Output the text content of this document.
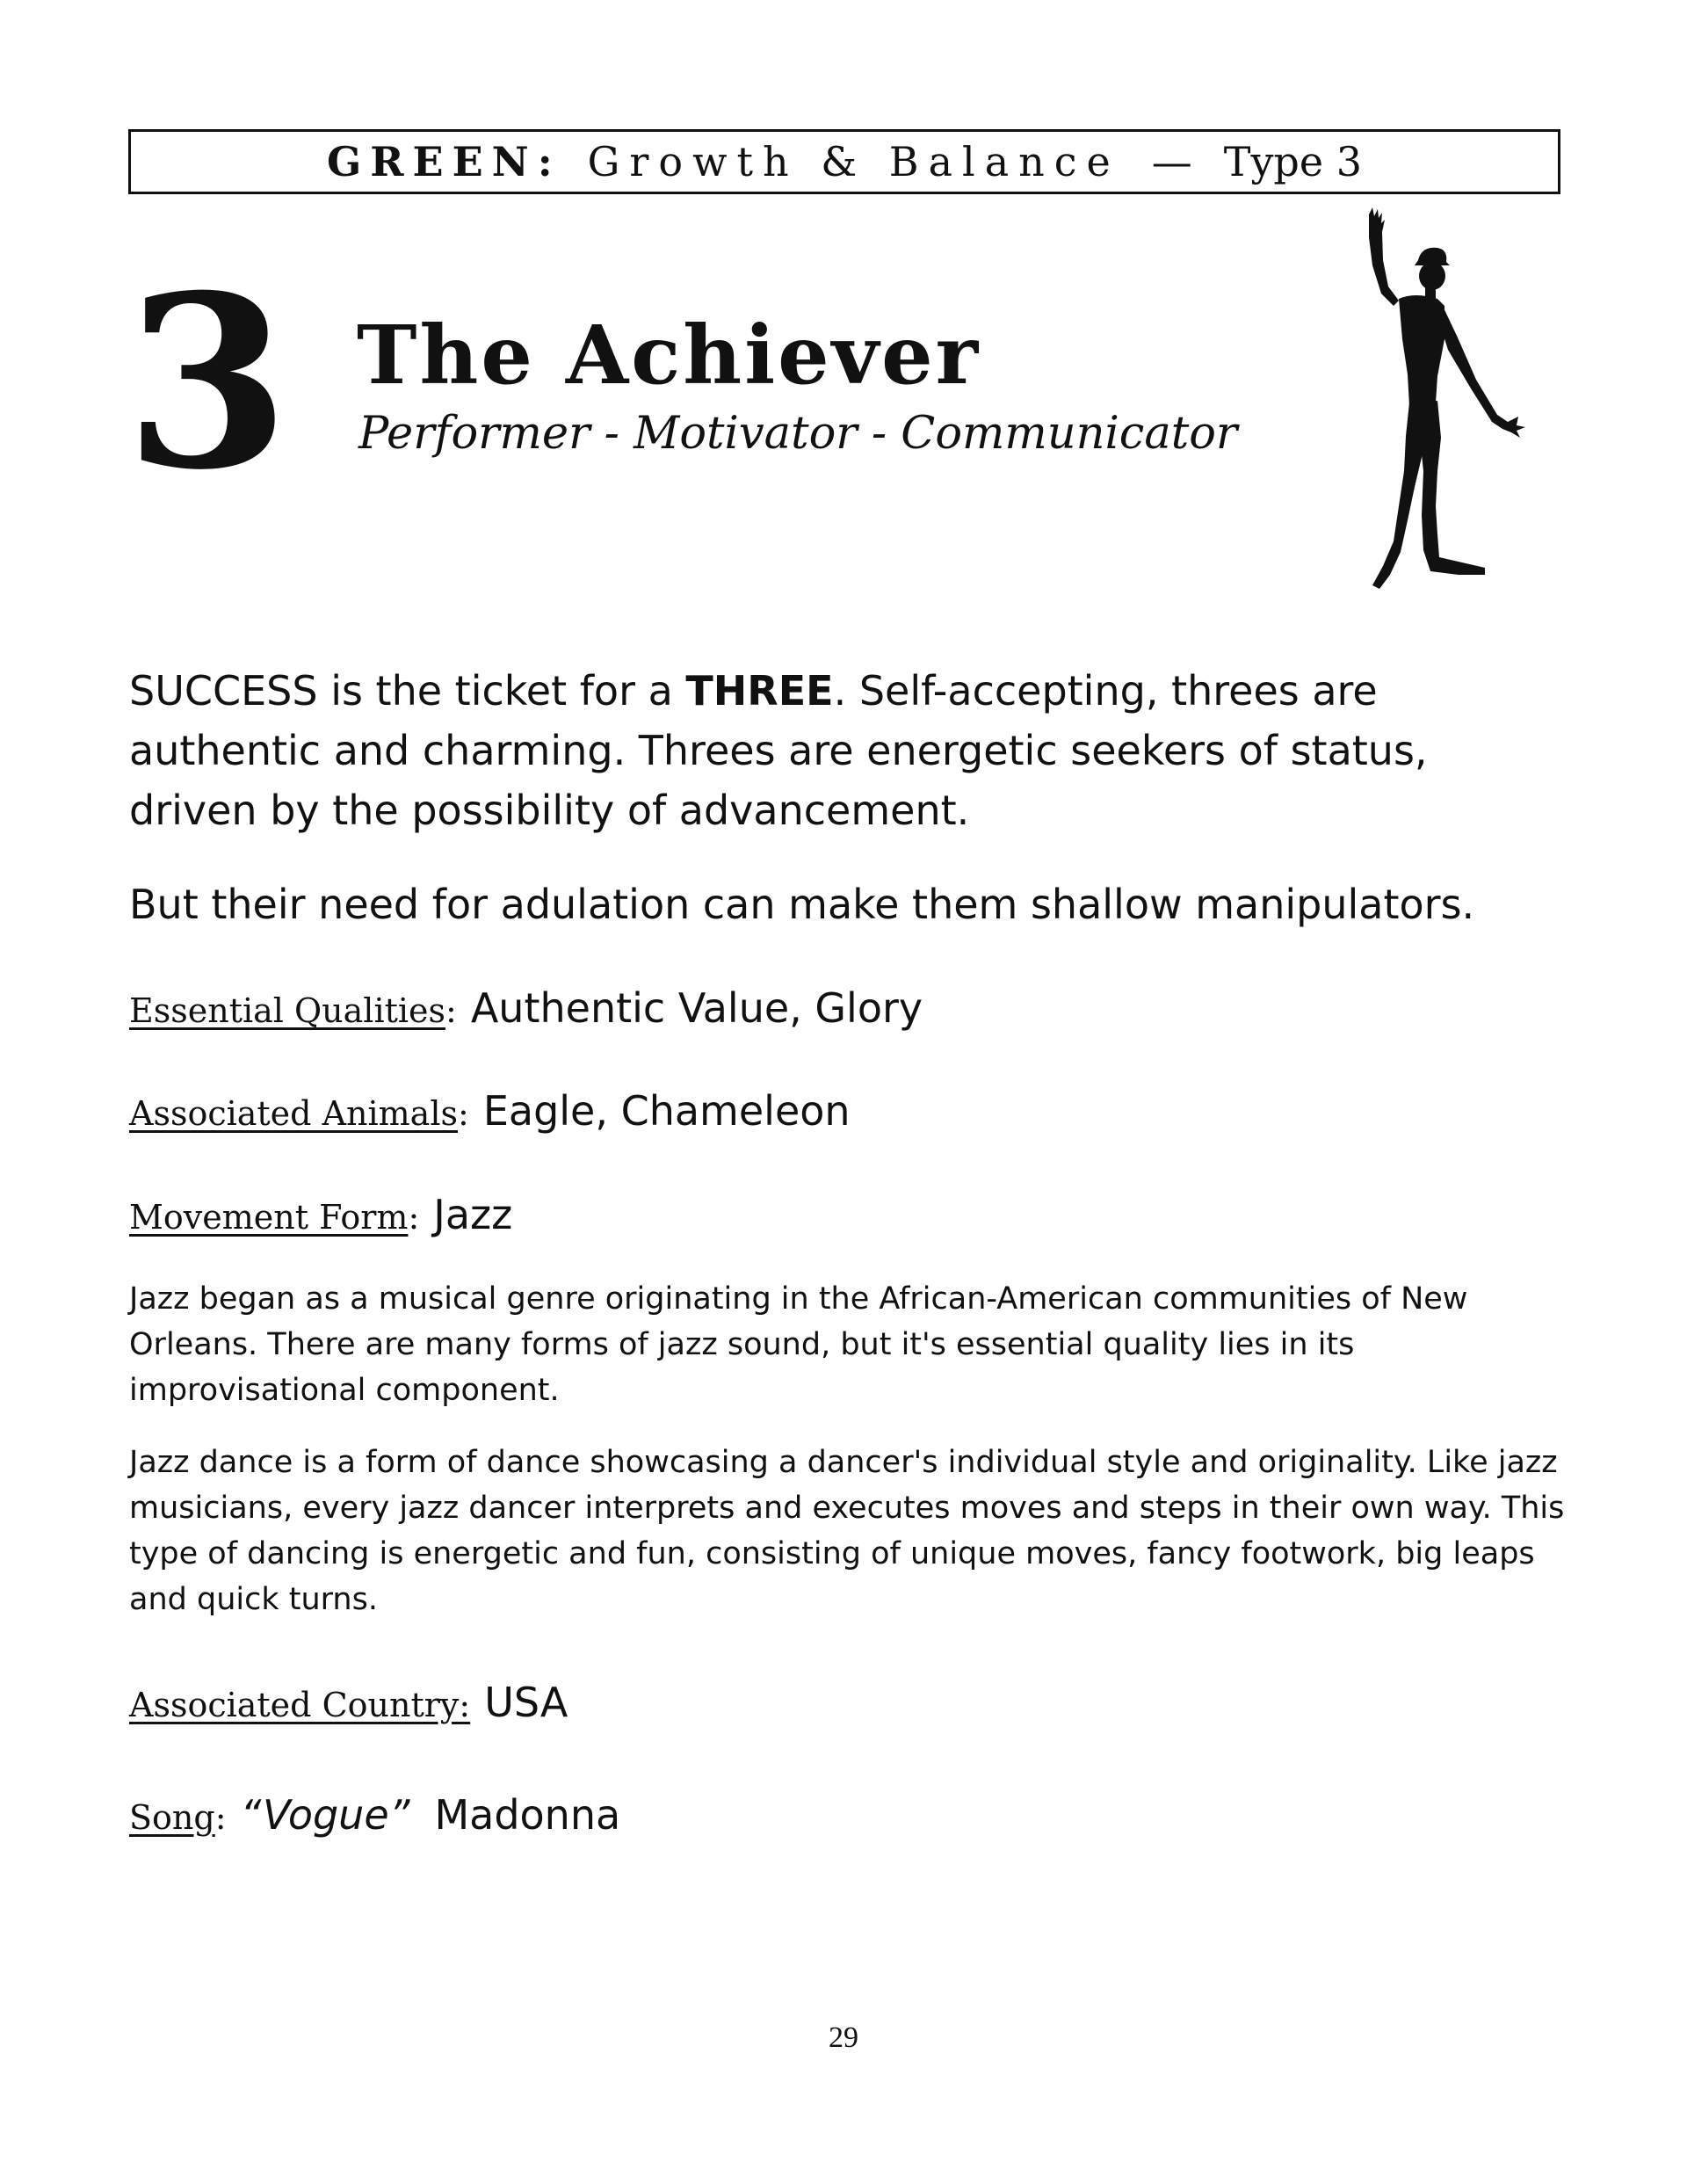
GREEN : Growth & Balance — Type 3
3 The Achiever
Performer - Motivator - Communicator

SUCCESS is the ticket for a THREE. Self-accepting, threes are authentic and charming. Threes are energetic seekers of status, driven by the possibility of advancement.

But their need for adulation can make them shallow manipulators.

Essential Qualities : Authentic Value, Glory
Associated Animals : Eagle, Chameleon
Movement Form : Jazz

Jazz began as a musical genre originating in the African-American communities of New Orleans. There are many forms of jazz sound, but it's essential quality lies in its improvisational component.

Jazz dance is a form of dance showcasing a dancer's individual style and originality. Like jazz musicians, every jazz dancer interprets and executes moves and steps in their own way. This type of dancing is energetic and fun, consisting of unique moves, fancy footwork, big leaps and quick turns.

Associated Country: USA
Song : “Vogue” Madonna
29
